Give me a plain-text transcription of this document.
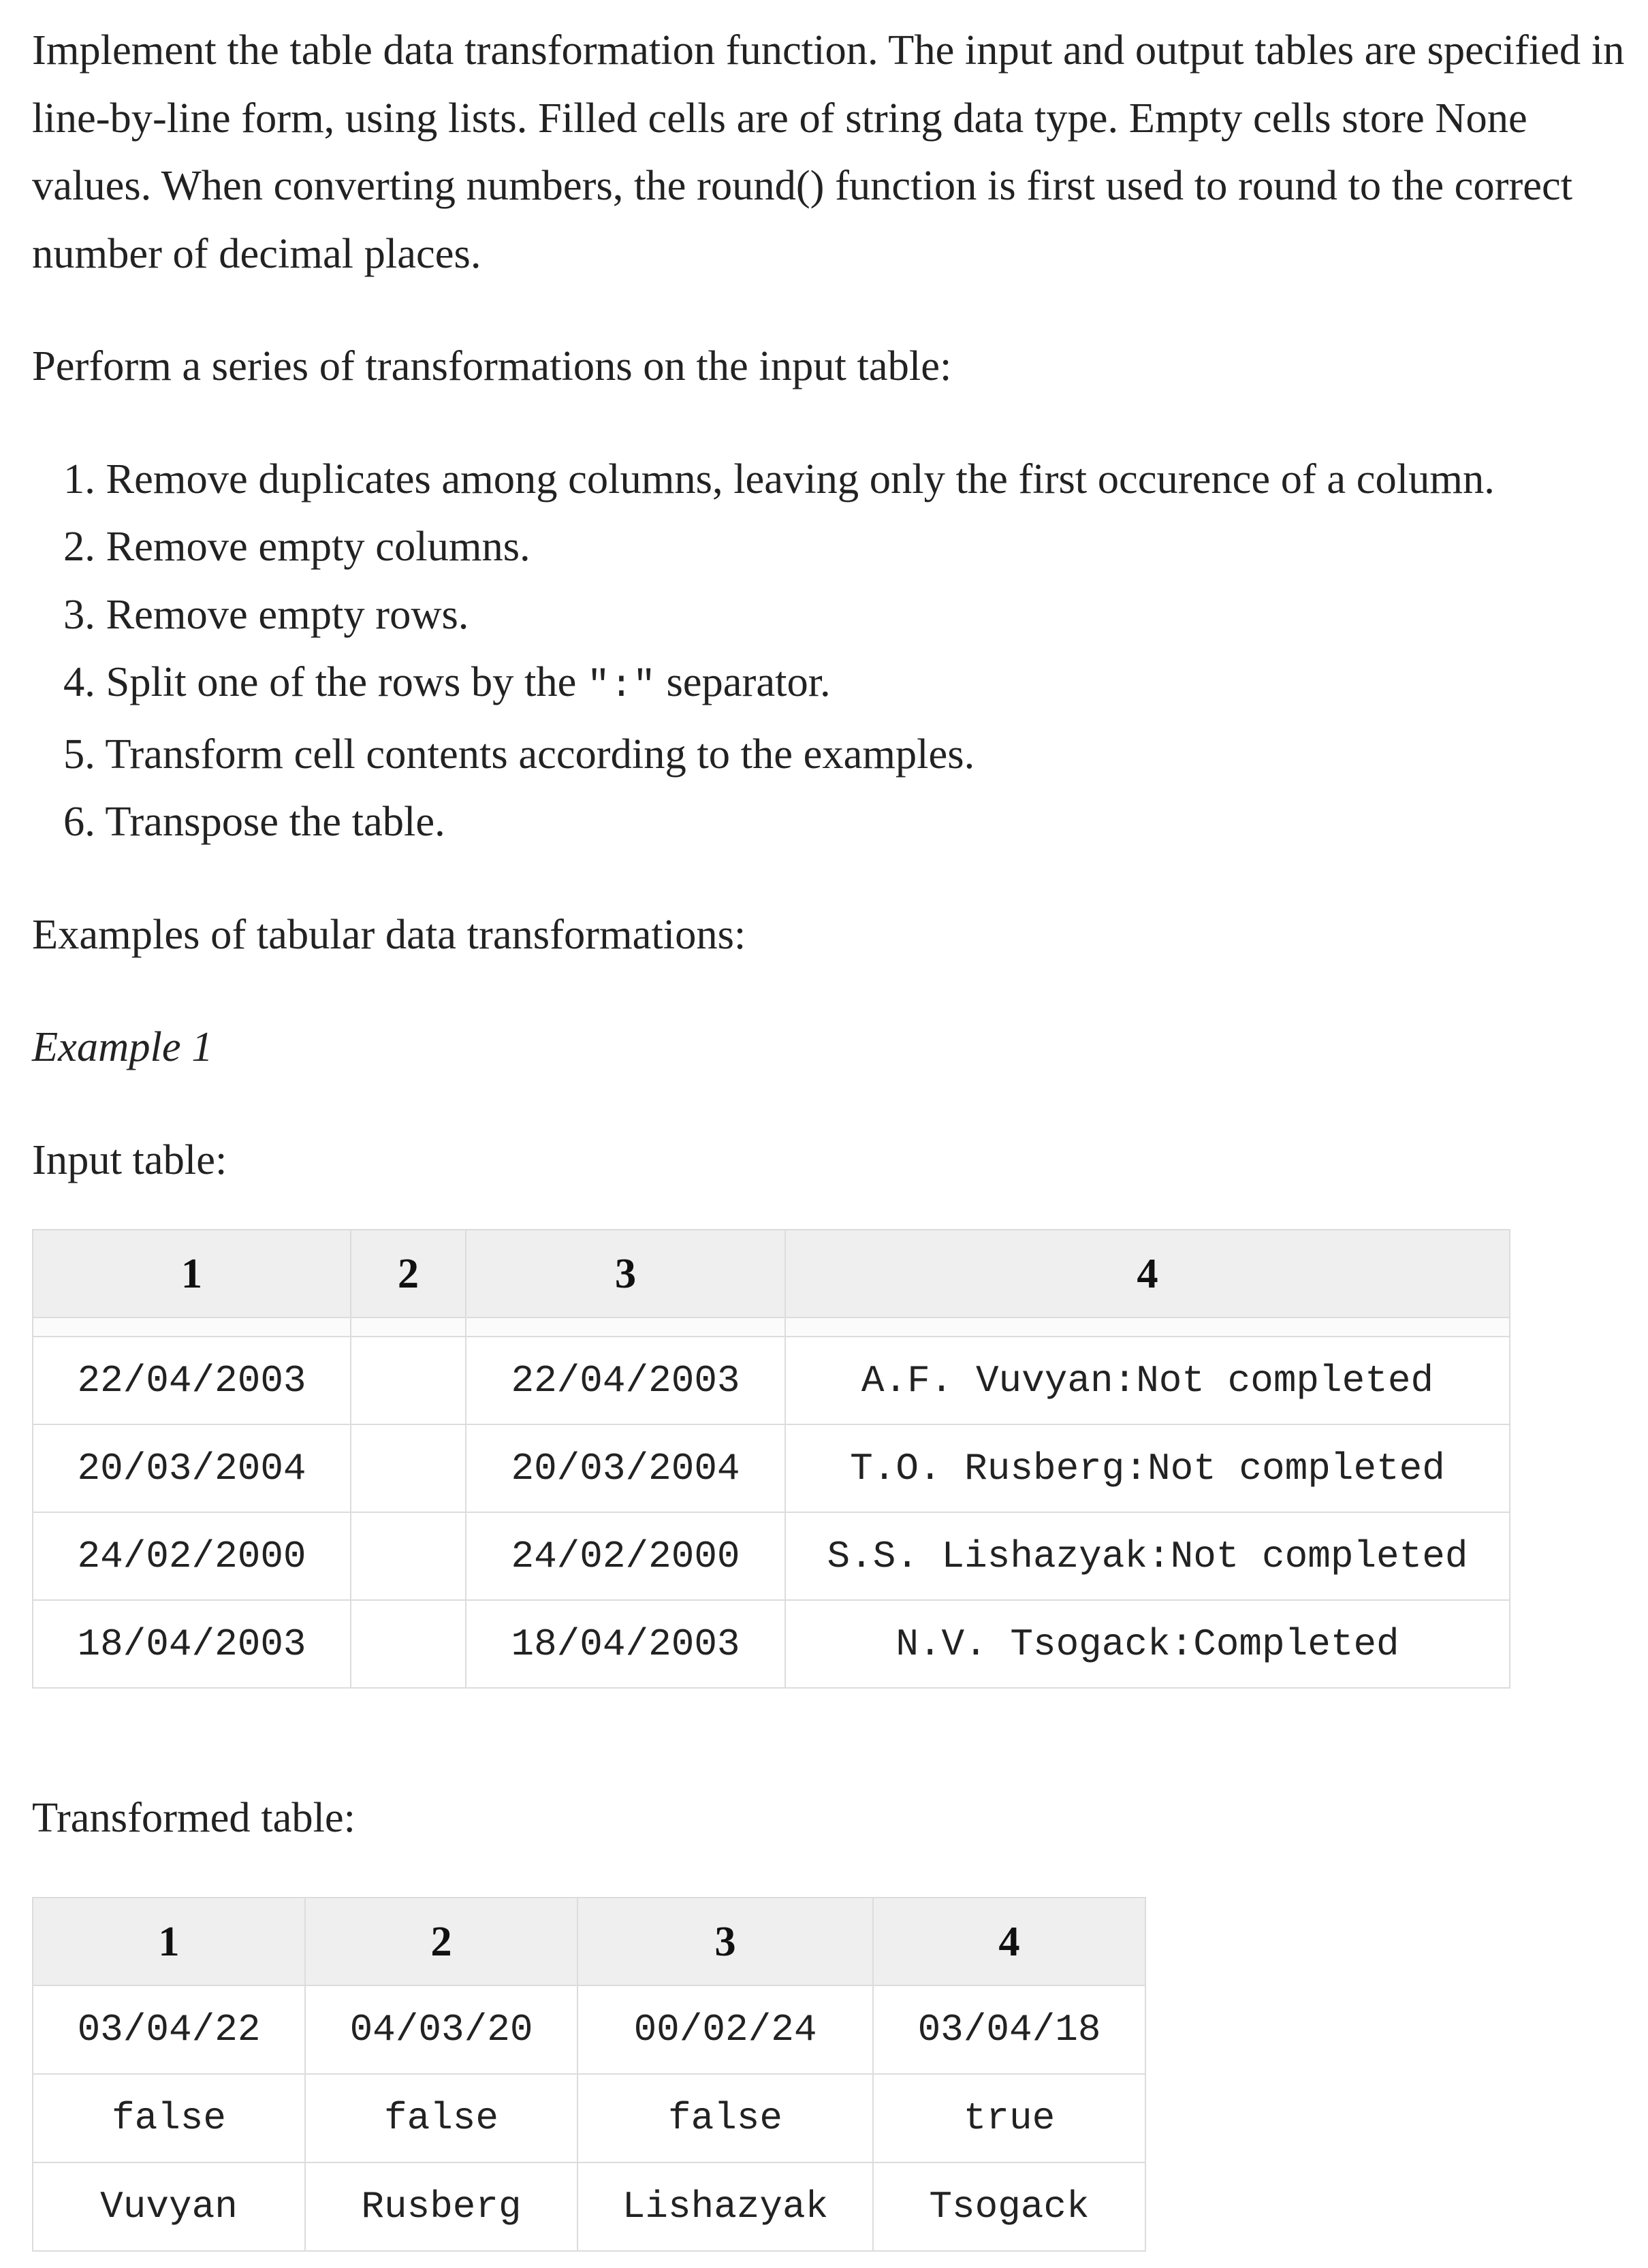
Implement the table data transformation function. The input and output tables are specified in line-by-line form, using lists. Filled cells are of string data type. Empty cells store None values. When converting numbers, the round() function is first used to round to the correct number of decimal places.

Perform a series of transformations on the input table:

1. Remove duplicates among columns, leaving only the first occurence of a column.
2. Remove empty columns.
3. Remove empty rows.
4. Split one of the rows by the ":" separator.
5. Transform cell contents according to the examples.
6. Transpose the table.

Examples of tabular data transformations:

Example 1

Input table:

1	2	3	4

22/04/2003		22/04/2003	A.F. Vuvyan:Not completed
20/03/2004		20/03/2004	T.O. Rusberg:Not completed
24/02/2000		24/02/2000	S.S. Lishazyak:Not completed
18/04/2003		18/04/2003	N.V. Tsogack:Completed

Transformed table:

1	2	3	4
03/04/22	04/03/20	00/02/24	03/04/18
false	false	false	true
Vuvyan	Rusberg	Lishazyak	Tsogack
